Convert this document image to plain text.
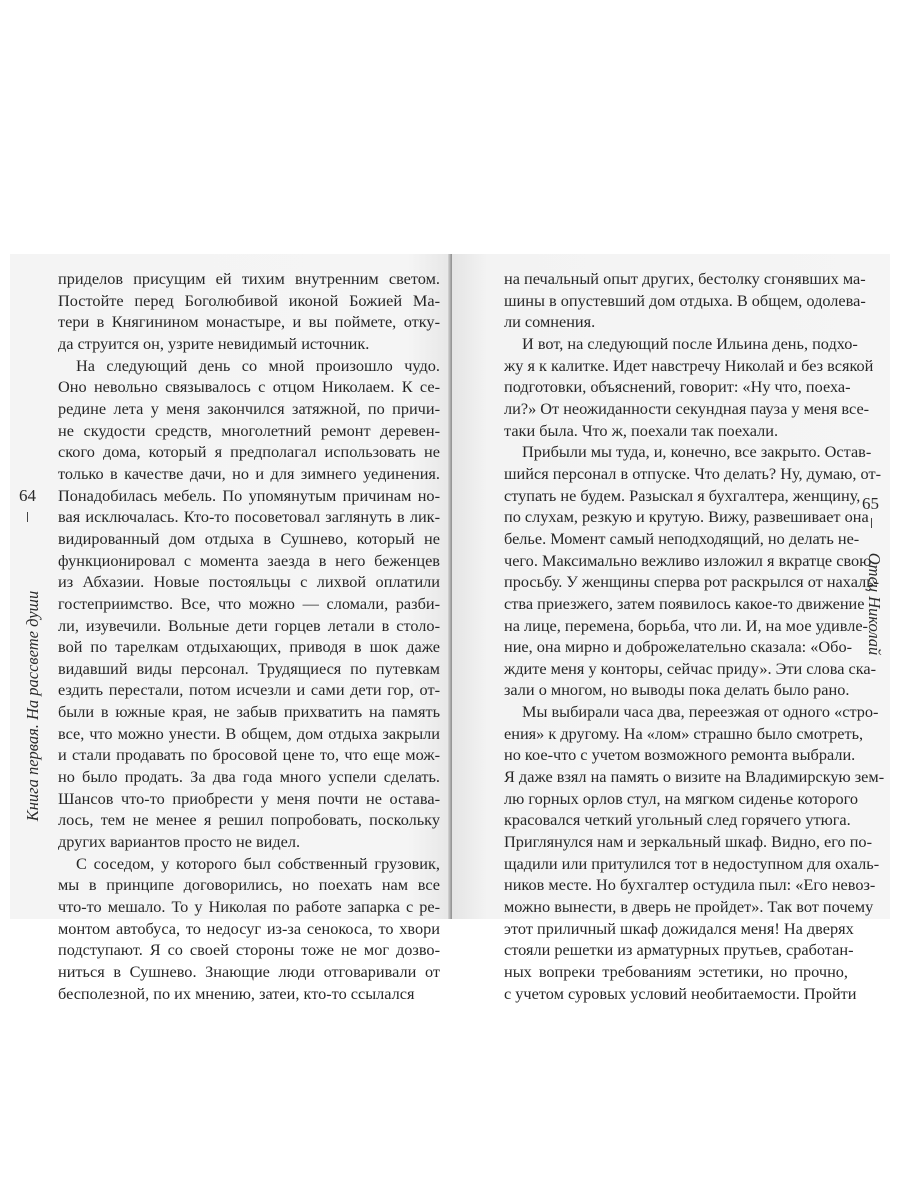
64
Книга первая. На рассвете души
приделов присущим ей тихим внутренним светом.
Постойте перед Боголюбивой иконой Божией Ма-
тери в Княгинином монастыре, и вы поймете, отку-
да струится он, узрите невидимый источник.
На следующий день со мной произошло чудо.
Оно невольно связывалось с отцом Николаем. К се-
редине лета у меня закончился затяжной, по причи-
не скудости средств, многолетний ремонт деревен-
ского дома, который я предполагал использовать не
только в качестве дачи, но и для зимнего уединения.
Понадобилась мебель. По упомянутым причинам но-
вая исключалась. Кто-то посоветовал заглянуть в лик-
видированный дом отдыха в Сушнево, который не
функционировал с момента заезда в него беженцев
из Абхазии. Новые постояльцы с лихвой оплатили
гостеприимство. Все, что можно — сломали, разби-
ли, изувечили. Вольные дети горцев летали в столо-
вой по тарелкам отдыхающих, приводя в шок даже
видавший виды персонал. Трудящиеся по путевкам
ездить перестали, потом исчезли и сами дети гор, от-
были в южные края, не забыв прихватить на память
все, что можно унести. В общем, дом отдыха закрыли
и стали продавать по бросовой цене то, что еще мож-
но было продать. За два года много успели сделать.
Шансов что-то приобрести у меня почти не остава-
лось, тем не менее я решил попробовать, поскольку
других вариантов просто не видел.
С соседом, у которого был собственный грузовик,
мы в принципе договорились, но поехать нам все
что-то мешало. То у Николая по работе запарка с ре-
монтом автобуса, то недосуг из-за сенокоса, то хвори
подступают. Я со своей стороны тоже не мог дозво-
ниться в Сушнево. Знающие люди отговаривали от
бесполезной, по их мнению, затеи, кто-то ссылался
на печальный опыт других, бестолку сгонявших ма-
шины в опустевший дом отдыха. В общем, одолева-
ли сомнения.
И вот, на следующий после Ильина день, подхо-
жу я к калитке. Идет навстречу Николай и без всякой
подготовки, объяснений, говорит: «Ну что, поеха-
ли?» От неожиданности секундная пауза у меня все-
таки была. Что ж, поехали так поехали.
Прибыли мы туда, и, конечно, все закрыто. Остав-
шийся персонал в отпуске. Что делать? Ну, думаю, от-
ступать не будем. Разыскал я бухгалтера, женщину,
по слухам, резкую и крутую. Вижу, развешивает она
белье. Момент самый неподходящий, но делать не-
чего. Максимально вежливо изложил я вкратце свою
просьбу. У женщины сперва рот раскрылся от нахаль-
ства приезжего, затем появилось какое-то движение
на лице, перемена, борьба, что ли. И, на мое удивле-
ние, она мирно и доброжелательно сказала: «Обо-
ждите меня у конторы, сейчас приду». Эти слова ска-
зали о многом, но выводы пока делать было рано.
Мы выбирали часа два, переезжая от одного «стро-
ения» к другому. На «лом» страшно было смотреть,
но кое-что с учетом возможного ремонта выбрали.
Я даже взял на память о визите на Владимирскую зем-
лю горных орлов стул, на мягком сиденье которого
красовался четкий угольный след горячего утюга.
Приглянулся нам и зеркальный шкаф. Видно, его по-
щадили или притулился тот в недоступном для охаль-
ников месте. Но бухгалтер остудила пыл: «Его невоз-
можно вынести, в дверь не пройдет». Так вот почему
этот приличный шкаф дожидался меня! На дверях
стояли решетки из арматурных прутьев, сработан-
ных вопреки требованиям эстетики, но прочно,
с учетом суровых условий необитаемости. Пройти
65
Отец Николай
